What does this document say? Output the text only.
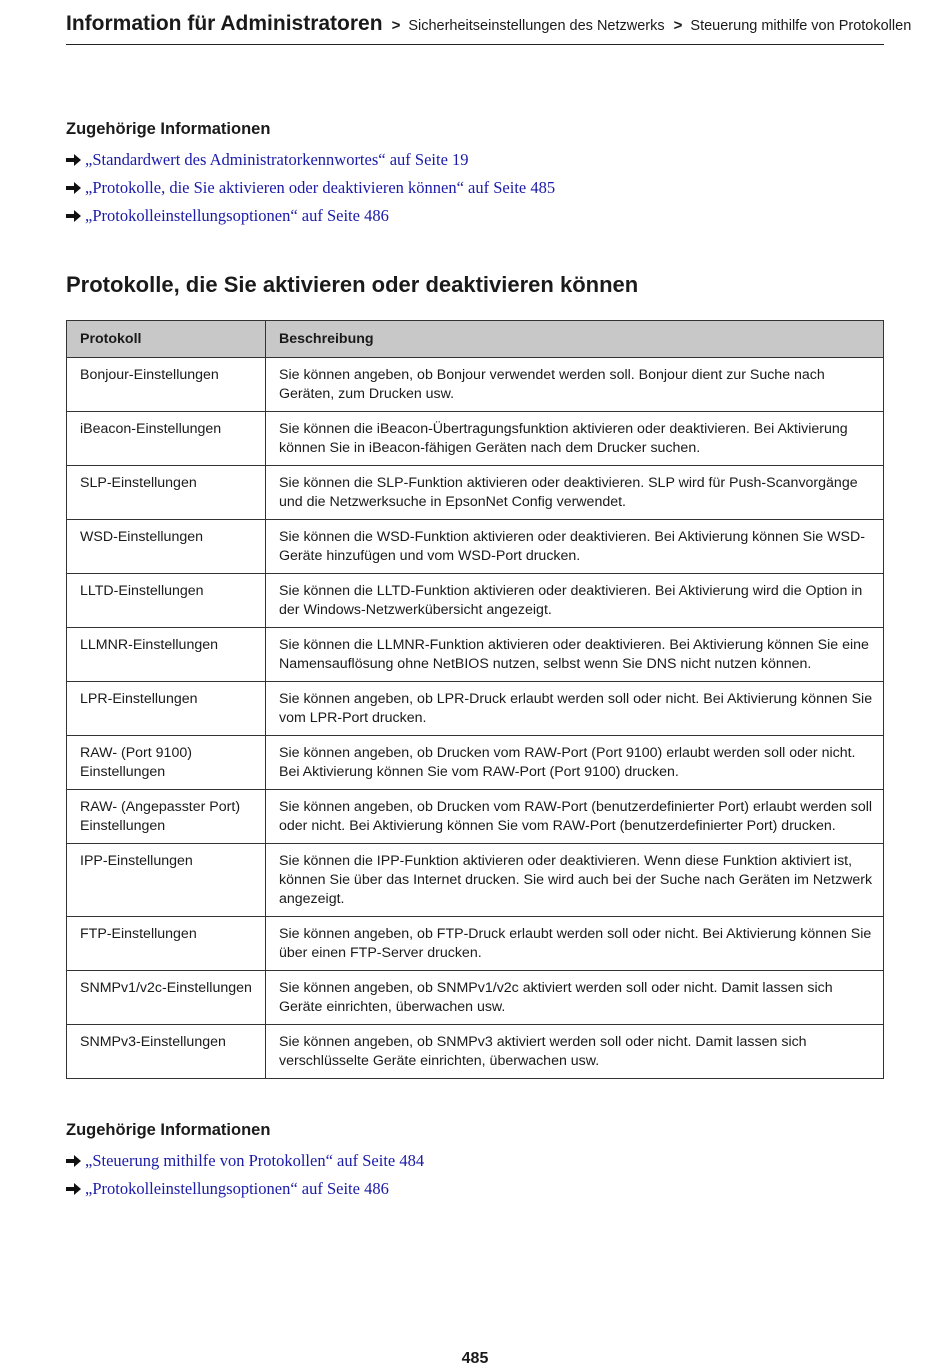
Information für Administratoren > Sicherheitseinstellungen des Netzwerks > Steuerung mithilfe von Protokollen
Zugehörige Informationen
„Standardwert des Administratorkennwortes“ auf Seite 19
„Protokolle, die Sie aktivieren oder deaktivieren können“ auf Seite 485
„Protokolleinstellungsoptionen“ auf Seite 486
Protokolle, die Sie aktivieren oder deaktivieren können
Protokoll	Beschreibung
Bonjour-Einstellungen	Sie können angeben, ob Bonjour verwendet werden soll. Bonjour dient zur Suche nach Geräten, zum Drucken usw.
iBeacon-Einstellungen	Sie können die iBeacon-Übertragungsfunktion aktivieren oder deaktivieren. Bei Aktivierung können Sie in iBeacon-fähigen Geräten nach dem Drucker suchen.
SLP-Einstellungen	Sie können die SLP-Funktion aktivieren oder deaktivieren. SLP wird für Push-Scanvorgänge und die Netzwerksuche in EpsonNet Config verwendet.
WSD-Einstellungen	Sie können die WSD-Funktion aktivieren oder deaktivieren. Bei Aktivierung können Sie WSD-Geräte hinzufügen und vom WSD-Port drucken.
LLTD-Einstellungen	Sie können die LLTD-Funktion aktivieren oder deaktivieren. Bei Aktivierung wird die Option in der Windows-Netzwerkübersicht angezeigt.
LLMNR-Einstellungen	Sie können die LLMNR-Funktion aktivieren oder deaktivieren. Bei Aktivierung können Sie eine Namensauflösung ohne NetBIOS nutzen, selbst wenn Sie DNS nicht nutzen können.
LPR-Einstellungen	Sie können angeben, ob LPR-Druck erlaubt werden soll oder nicht. Bei Aktivierung können Sie vom LPR-Port drucken.
RAW- (Port 9100) Einstellungen	Sie können angeben, ob Drucken vom RAW-Port (Port 9100) erlaubt werden soll oder nicht. Bei Aktivierung können Sie vom RAW-Port (Port 9100) drucken.
RAW- (Angepasster Port) Einstellungen	Sie können angeben, ob Drucken vom RAW-Port (benutzerdefinierter Port) erlaubt werden soll oder nicht. Bei Aktivierung können Sie vom RAW-Port (benutzerdefinierter Port) drucken.
IPP-Einstellungen	Sie können die IPP-Funktion aktivieren oder deaktivieren. Wenn diese Funktion aktiviert ist, können Sie über das Internet drucken. Sie wird auch bei der Suche nach Geräten im Netzwerk angezeigt.
FTP-Einstellungen	Sie können angeben, ob FTP-Druck erlaubt werden soll oder nicht. Bei Aktivierung können Sie über einen FTP-Server drucken.
SNMPv1/v2c-Einstellungen	Sie können angeben, ob SNMPv1/v2c aktiviert werden soll oder nicht. Damit lassen sich Geräte einrichten, überwachen usw.
SNMPv3-Einstellungen	Sie können angeben, ob SNMPv3 aktiviert werden soll oder nicht. Damit lassen sich verschlüsselte Geräte einrichten, überwachen usw.
Zugehörige Informationen
„Steuerung mithilfe von Protokollen“ auf Seite 484
„Protokolleinstellungsoptionen“ auf Seite 486
485
